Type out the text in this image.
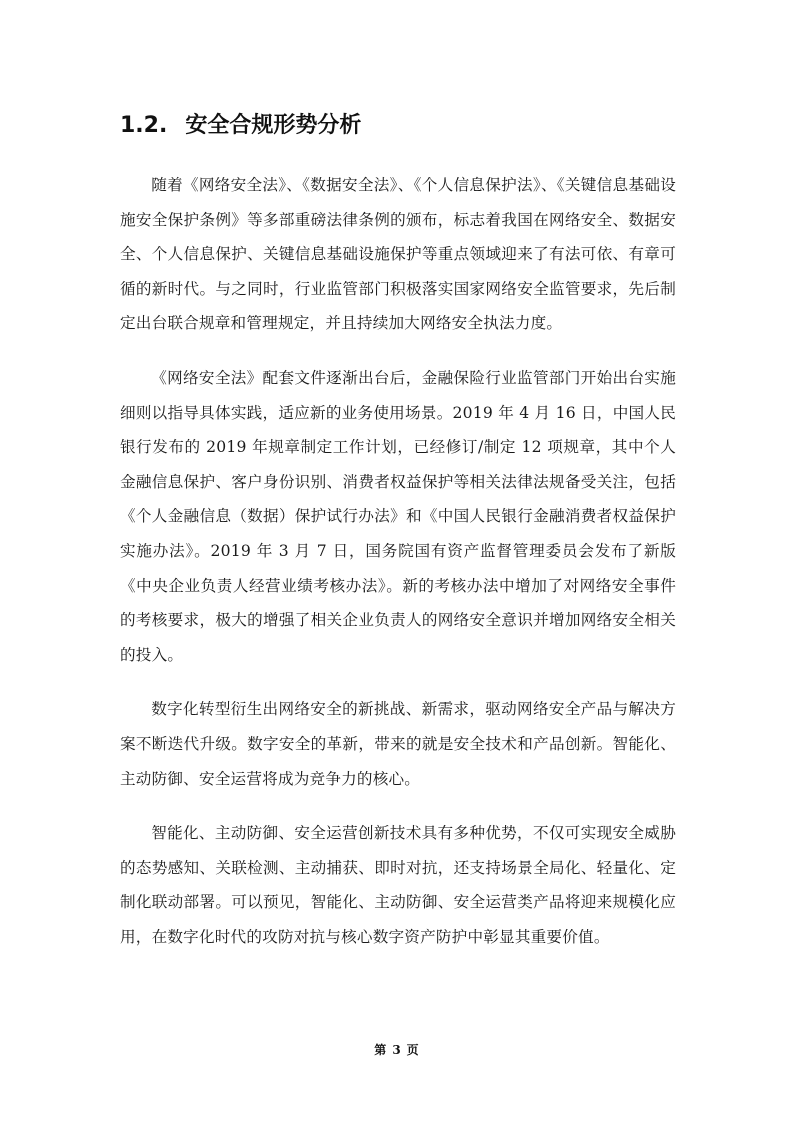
1.2. 安全合规形势分析

随着《网络安全法》、《数据安全法》、《个人信息保护法》、《关键信息基础设施安全保护条例》等多部重磅法律条例的颁布，标志着我国在网络安全、数据安全、个人信息保护、关键信息基础设施保护等重点领域迎来了有法可依、有章可循的新时代。与之同时，行业监管部门积极落实国家网络安全监管要求，先后制定出台联合规章和管理规定，并且持续加大网络安全执法力度。

《网络安全法》配套文件逐渐出台后，金融保险行业监管部门开始出台实施细则以指导具体实践，适应新的业务使用场景。2019 年 4 月 16 日，中国人民银行发布的 2019 年规章制定工作计划，已经修订/制定 12 项规章，其中个人金融信息保护、客户身份识别、消费者权益保护等相关法律法规备受关注，包括《个人金融信息（数据）保护试行办法》和《中国人民银行金融消费者权益保护实施办法》。2019 年 3 月 7 日，国务院国有资产监督管理委员会发布了新版《中央企业负责人经营业绩考核办法》。新的考核办法中增加了对网络安全事件的考核要求，极大的增强了相关企业负责人的网络安全意识并增加网络安全相关的投入。

数字化转型衍生出网络安全的新挑战、新需求，驱动网络安全产品与解决方案不断迭代升级。数字安全的革新，带来的就是安全技术和产品创新。智能化、主动防御、安全运营将成为竞争力的核心。

智能化、主动防御、安全运营创新技术具有多种优势，不仅可实现安全威胁的态势感知、关联检测、主动捕获、即时对抗，还支持场景全局化、轻量化、定制化联动部署。可以预见，智能化、主动防御、安全运营类产品将迎来规模化应用，在数字化时代的攻防对抗与核心数字资产防护中彰显其重要价值。

第 3 页
